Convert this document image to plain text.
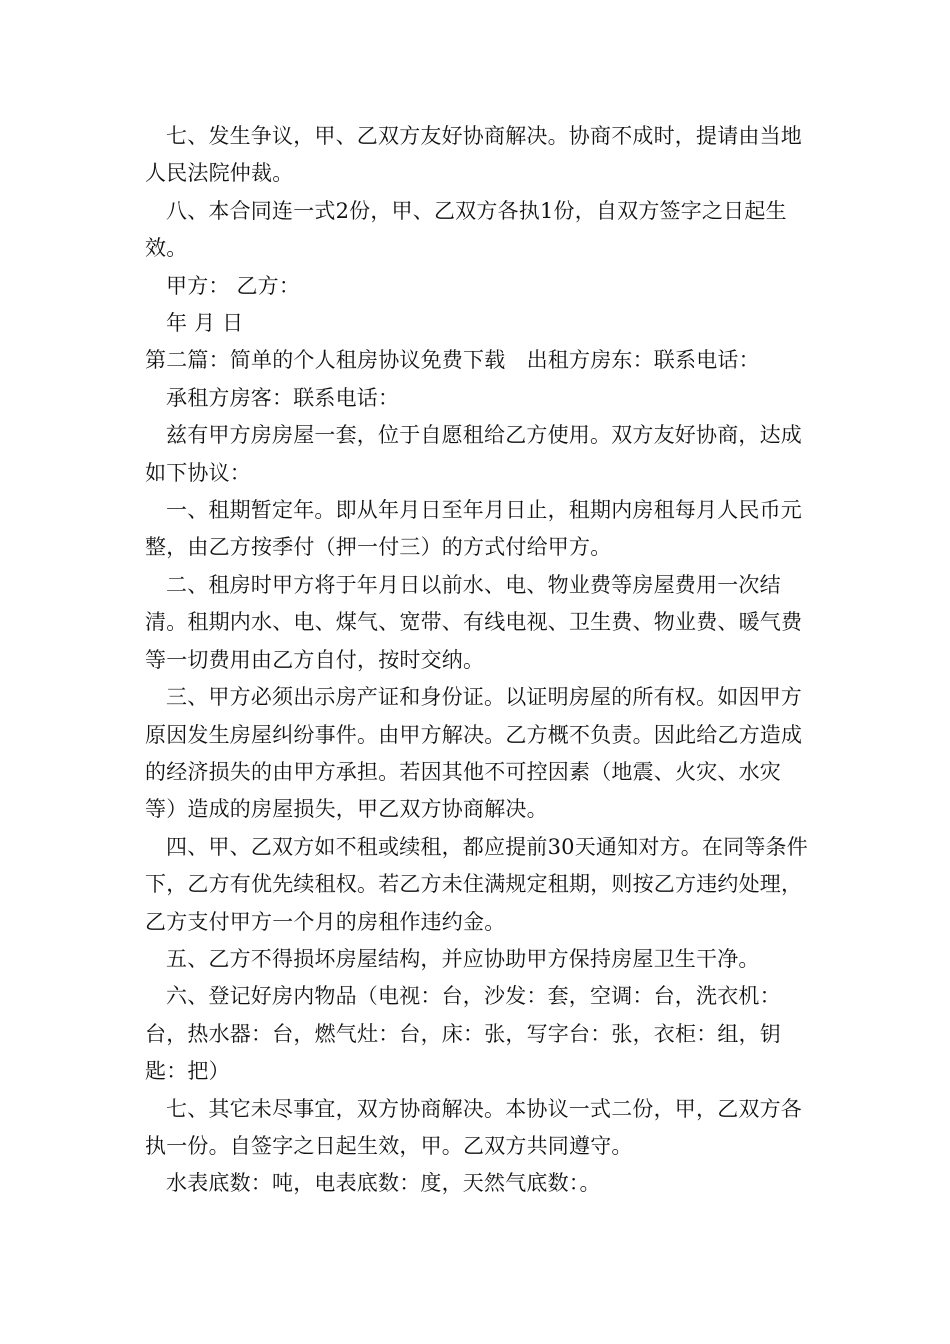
七、发生争议，甲、乙双方友好协商解决。协商不成时，提请由当地人民法院仲裁。

八、本合同连一式2份，甲、乙双方各执1份，自双方签字之日起生效。

甲方： 乙方：

年 月 日

第二篇：简单的个人租房协议免费下载　出租方房东：联系电话：

承租方房客：联系电话：

兹有甲方房房屋一套，位于自愿租给乙方使用。双方友好协商，达成如下协议：

一、租期暂定年。即从年月日至年月日止，租期内房租每月人民币元整，由乙方按季付（押一付三）的方式付给甲方。

二、租房时甲方将于年月日以前水、电、物业费等房屋费用一次结清。租期内水、电、煤气、宽带、有线电视、卫生费、物业费、暖气费等一切费用由乙方自付，按时交纳。

三、甲方必须出示房产证和身份证。以证明房屋的所有权。如因甲方原因发生房屋纠纷事件。由甲方解决。乙方概不负责。因此给乙方造成的经济损失的由甲方承担。若因其他不可控因素（地震、火灾、水灾等）造成的房屋损失，甲乙双方协商解决。

四、甲、乙双方如不租或续租，都应提前30天通知对方。在同等条件下，乙方有优先续租权。若乙方未住满规定租期，则按乙方违约处理，乙方支付甲方一个月的房租作违约金。

五、乙方不得损坏房屋结构，并应协助甲方保持房屋卫生干净。

六、登记好房内物品（电视：台，沙发：套，空调：台，洗衣机：台，热水器：台，燃气灶：台，床：张，写字台：张，衣柜：组，钥匙：把）

七、其它未尽事宜，双方协商解决。本协议一式二份，甲，乙双方各执一份。自签字之日起生效，甲。乙双方共同遵守。

水表底数：吨，电表底数：度，天然气底数：。
